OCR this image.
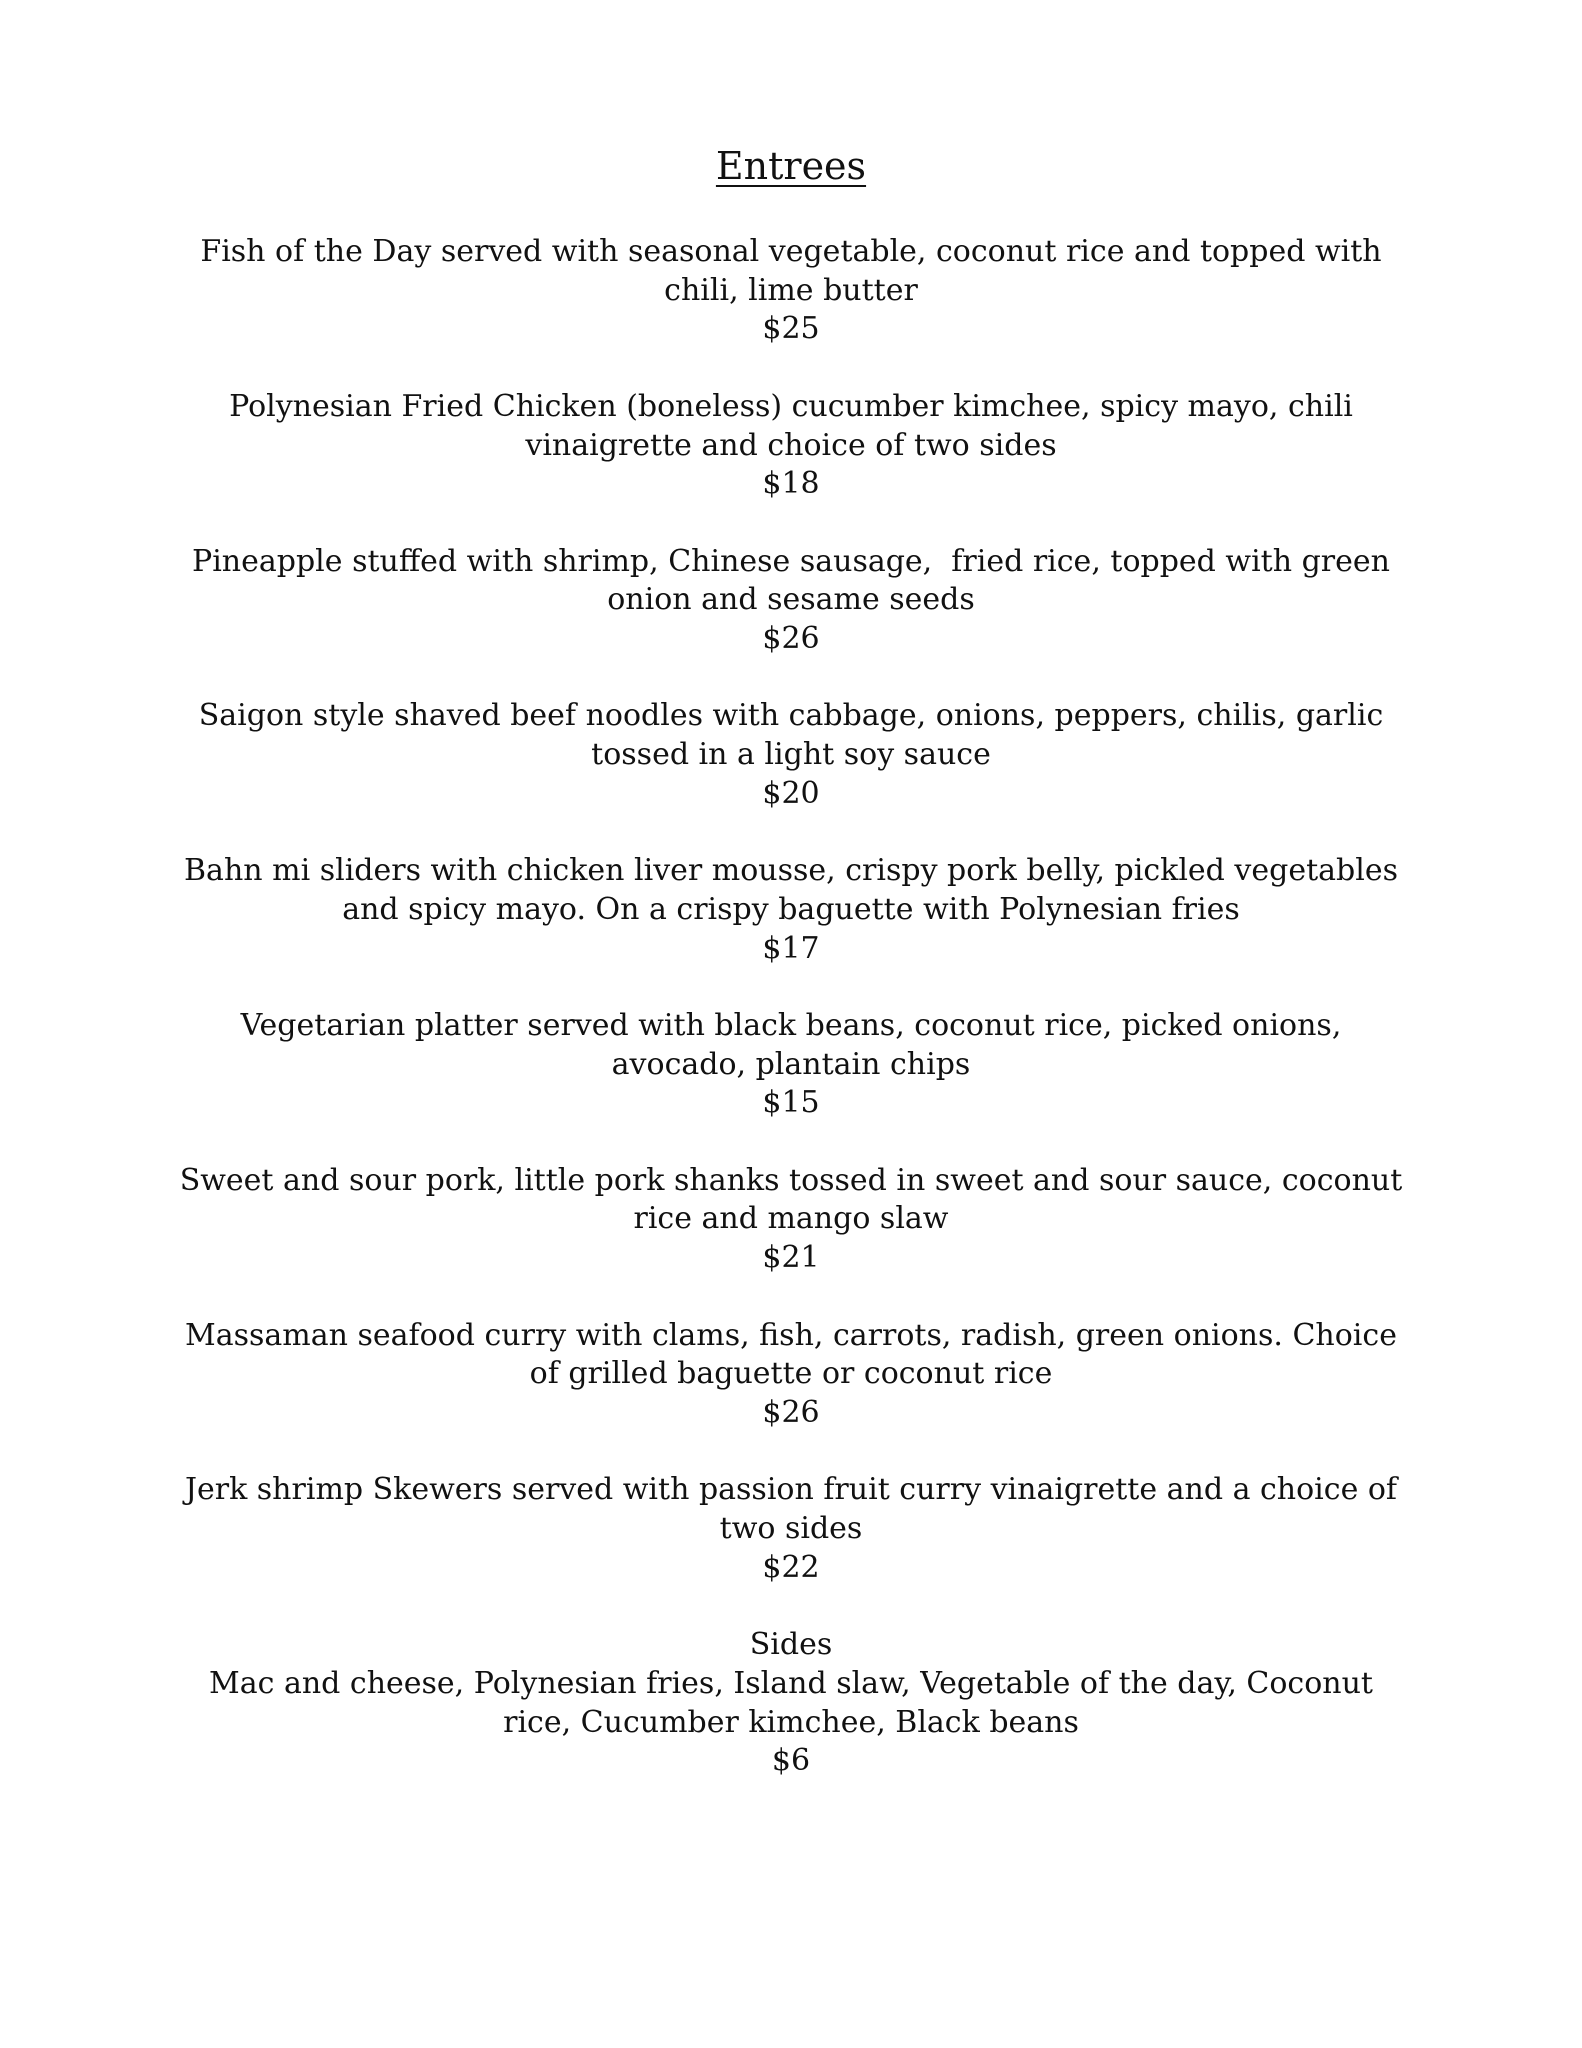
Entrees
Fish of the Day served with seasonal vegetable, coconut rice and topped with
chili, lime butter
$25
Polynesian Fried Chicken (boneless) cucumber kimchee, spicy mayo, chili
vinaigrette and choice of two sides
$18
Pineapple stuffed with shrimp, Chinese sausage,  fried rice, topped with green
onion and sesame seeds
$26
Saigon style shaved beef noodles with cabbage, onions, peppers, chilis, garlic
tossed in a light soy sauce
$20
Bahn mi sliders with chicken liver mousse, crispy pork belly, pickled vegetables
and spicy mayo. On a crispy baguette with Polynesian fries
$17
Vegetarian platter served with black beans, coconut rice, picked onions,
avocado, plantain chips
$15
Sweet and sour pork, little pork shanks tossed in sweet and sour sauce, coconut
rice and mango slaw
$21
Massaman seafood curry with clams, fish, carrots, radish, green onions. Choice
of grilled baguette or coconut rice
$26
Jerk shrimp Skewers served with passion fruit curry vinaigrette and a choice of
two sides
$22
Sides
Mac and cheese, Polynesian fries, Island slaw, Vegetable of the day, Coconut
rice, Cucumber kimchee, Black beans
$6
